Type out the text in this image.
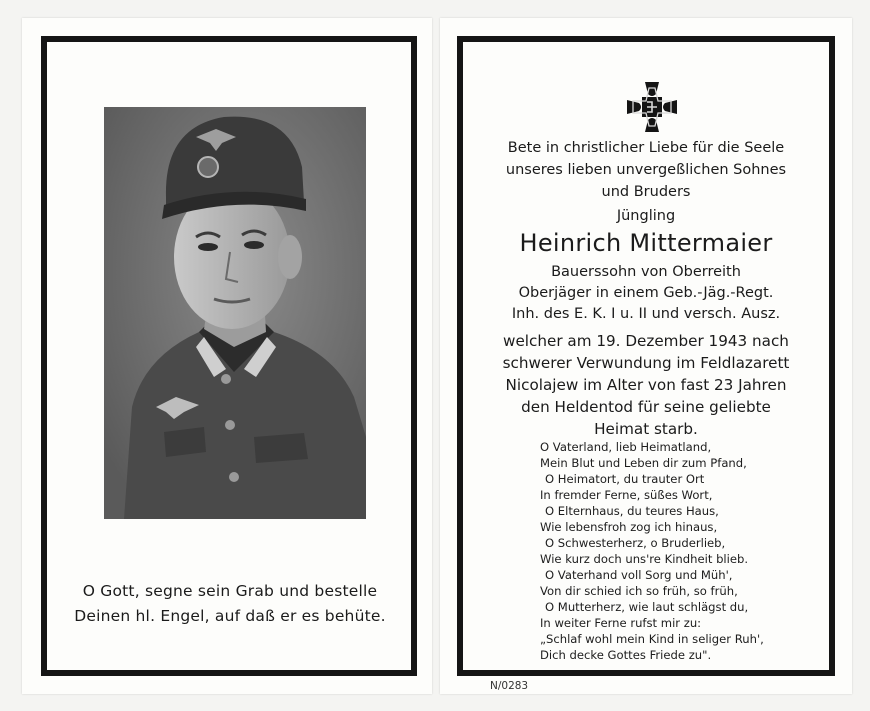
O Gott, segne sein Grab und bestelle
Deinen hl. Engel, auf daß er es behüte.
Bete in christlicher Liebe für die Seele
unseres lieben unvergeßlichen Sohnes
und Bruders
Jüngling
Heinrich Mittermaier
Bauerssohn von Oberreith
Oberjäger in einem Geb.-Jäg.-Regt.
Inh. des E. K. I u. II und versch. Ausz.
welcher am 19. Dezember 1943 nach
schwerer Verwundung im Feldlazarett
Nicolajew im Alter von fast 23 Jahren
den Heldentod für seine geliebte
Heimat starb.
O Vaterland, lieb Heimatland,
Mein Blut und Leben dir zum Pfand,
O Heimatort, du trauter Ort
In fremder Ferne, süßes Wort,
O Elternhaus, du teures Haus,
Wie lebensfroh zog ich hinaus,
O Schwesterherz, o Bruderlieb,
Wie kurz doch uns're Kindheit blieb.
O Vaterhand voll Sorg und Müh',
Von dir schied ich so früh, so früh,
O Mutterherz, wie laut schlägst du,
In weiter Ferne rufst mir zu:
„Schlaf wohl mein Kind in seliger Ruh',
Dich decke Gottes Friede zu".
N/0283
